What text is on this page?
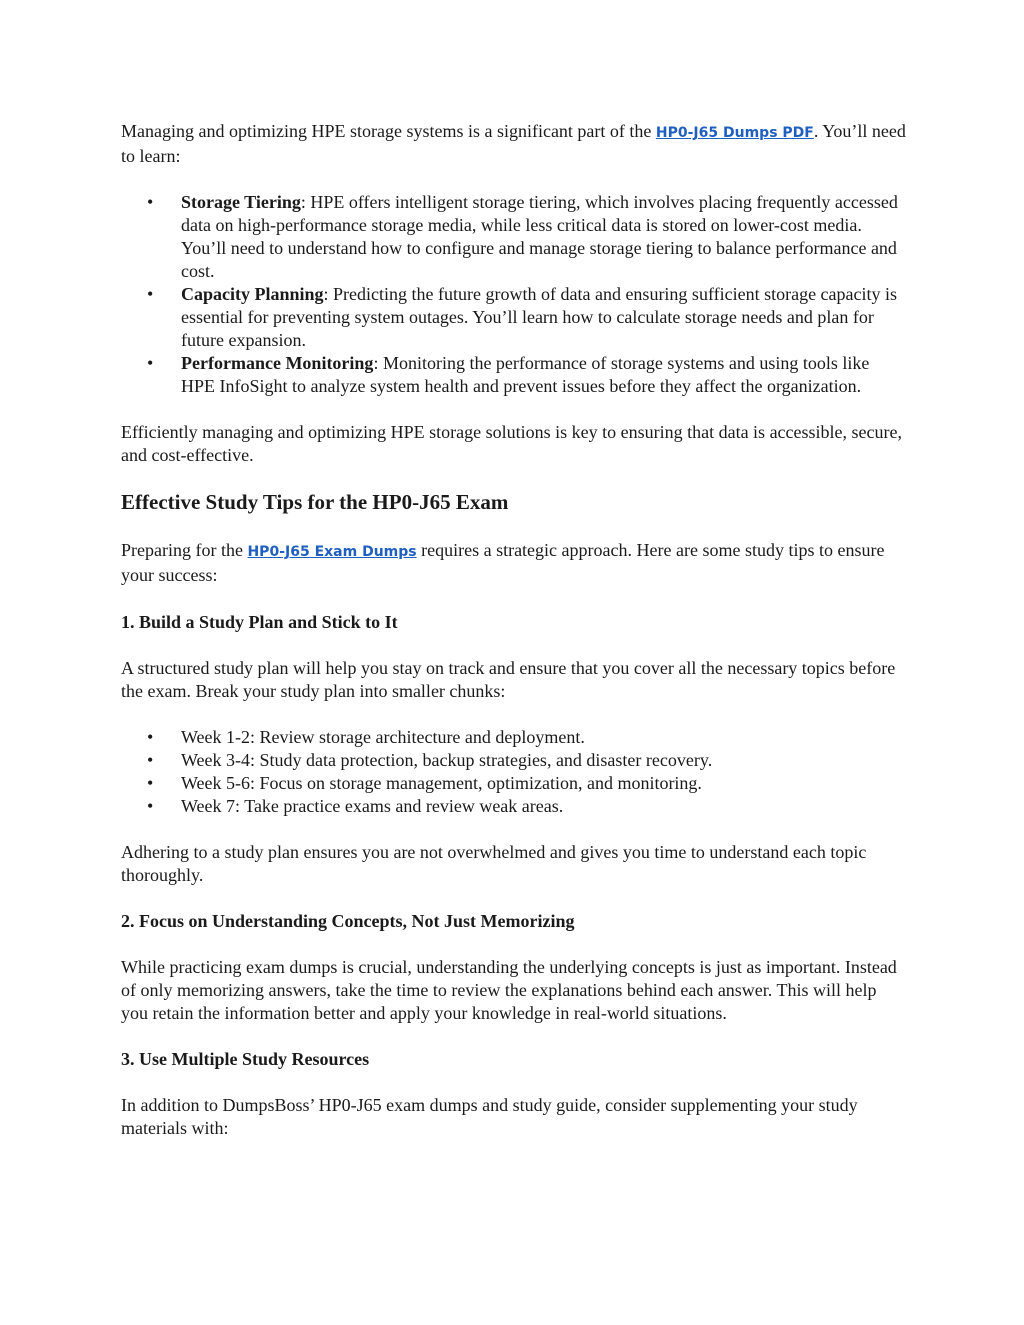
Managing and optimizing HPE storage systems is a significant part of the HP0-J65 Dumps PDF. You’ll need to learn:

• Storage Tiering: HPE offers intelligent storage tiering, which involves placing frequently accessed data on high-performance storage media, while less critical data is stored on lower-cost media. You’ll need to understand how to configure and manage storage tiering to balance performance and cost.
• Capacity Planning: Predicting the future growth of data and ensuring sufficient storage capacity is essential for preventing system outages. You’ll learn how to calculate storage needs and plan for future expansion.
• Performance Monitoring: Monitoring the performance of storage systems and using tools like HPE InfoSight to analyze system health and prevent issues before they affect the organization.

Efficiently managing and optimizing HPE storage solutions is key to ensuring that data is accessible, secure, and cost-effective.

Effective Study Tips for the HP0-J65 Exam

Preparing for the HP0-J65 Exam Dumps requires a strategic approach. Here are some study tips to ensure your success:

1. Build a Study Plan and Stick to It

A structured study plan will help you stay on track and ensure that you cover all the necessary topics before the exam. Break your study plan into smaller chunks:

• Week 1-2: Review storage architecture and deployment.
• Week 3-4: Study data protection, backup strategies, and disaster recovery.
• Week 5-6: Focus on storage management, optimization, and monitoring.
• Week 7: Take practice exams and review weak areas.

Adhering to a study plan ensures you are not overwhelmed and gives you time to understand each topic thoroughly.

2. Focus on Understanding Concepts, Not Just Memorizing

While practicing exam dumps is crucial, understanding the underlying concepts is just as important. Instead of only memorizing answers, take the time to review the explanations behind each answer. This will help you retain the information better and apply your knowledge in real-world situations.

3. Use Multiple Study Resources

In addition to DumpsBoss’ HP0-J65 exam dumps and study guide, consider supplementing your study materials with:
